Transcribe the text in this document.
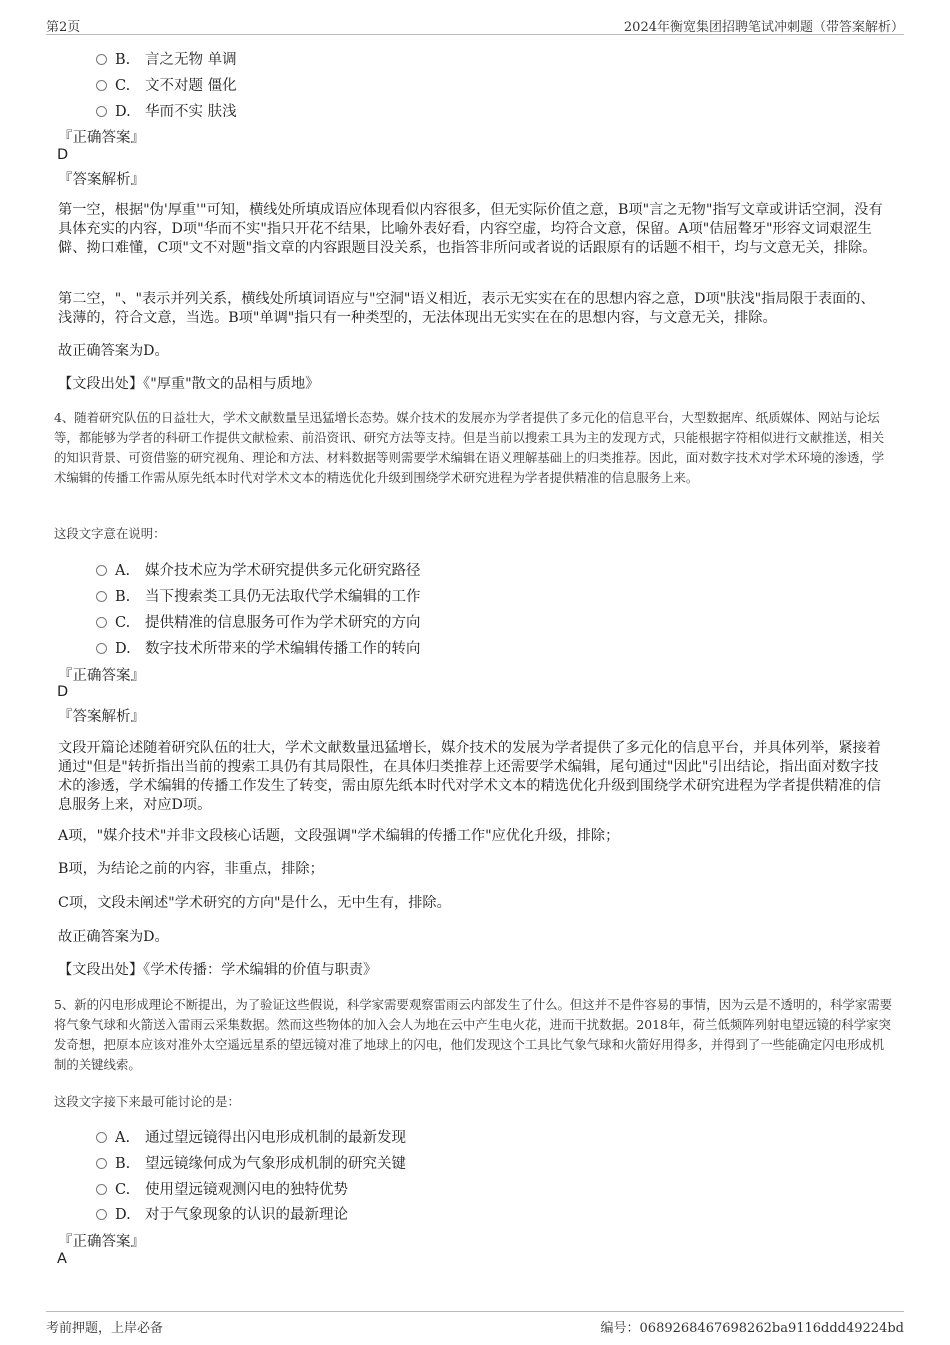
第2页	2024年衡宽集团招聘笔试冲刺题（带答案解析）
B. 言之无物 单调
C. 文不对题 僵化
D. 华而不实 肤浅
『正确答案』
D
『答案解析』
第一空，根据"伪'厚重'"可知，横线处所填成语应体现看似内容很多，但无实际价值之意，B项"言之无物"指写文章或讲话空洞，没有具体充实的内容，D项"华而不实"指只开花不结果，比喻外表好看，内容空虚，均符合文意，保留。A项"佶屈聱牙"形容文词艰涩生僻、拗口难懂，C项"文不对题"指文章的内容跟题目没关系，也指答非所问或者说的话跟原有的话题不相干，均与文意无关，排除。
第二空，"、"表示并列关系，横线处所填词语应与"空洞"语义相近，表示无实实在在的思想内容之意，D项"肤浅"指局限于表面的、浅薄的，符合文意，当选。B项"单调"指只有一种类型的，无法体现出无实实在在的思想内容，与文意无关，排除。
故正确答案为D。
【文段出处】《"厚重"散文的品相与质地》
4、随着研究队伍的日益壮大，学术文献数量呈迅猛增长态势。媒介技术的发展亦为学者提供了多元化的信息平台，大型数据库、纸质媒体、网站与论坛等，都能够为学者的科研工作提供文献检索、前沿资讯、研究方法等支持。但是当前以搜索工具为主的发现方式，只能根据字符相似进行文献推送，相关的知识背景、可资借鉴的研究视角、理论和方法、材料数据等则需要学术编辑在语义理解基础上的归类推荐。因此，面对数字技术对学术环境的渗透，学术编辑的传播工作需从原先纸本时代对学术文本的精选优化升级到围绕学术研究进程为学者提供精准的信息服务上来。
这段文字意在说明：
A. 媒介技术应为学术研究提供多元化研究路径
B. 当下搜索类工具仍无法取代学术编辑的工作
C. 提供精准的信息服务可作为学术研究的方向
D. 数字技术所带来的学术编辑传播工作的转向
『正确答案』
D
『答案解析』
文段开篇论述随着研究队伍的壮大，学术文献数量迅猛增长，媒介技术的发展为学者提供了多元化的信息平台，并具体列举，紧接着通过"但是"转折指出当前的搜索工具仍有其局限性，在具体归类推荐上还需要学术编辑，尾句通过"因此"引出结论，指出面对数字技术的渗透，学术编辑的传播工作发生了转变，需由原先纸本时代对学术文本的精选优化升级到围绕学术研究进程为学者提供精准的信息服务上来，对应D项。
A项，"媒介技术"并非文段核心话题，文段强调"学术编辑的传播工作"应优化升级，排除；
B项，为结论之前的内容，非重点，排除；
C项，文段未阐述"学术研究的方向"是什么，无中生有，排除。
故正确答案为D。
【文段出处】《学术传播：学术编辑的价值与职责》
5、新的闪电形成理论不断提出，为了验证这些假说，科学家需要观察雷雨云内部发生了什么。但这并不是件容易的事情，因为云是不透明的，科学家需要将气象气球和火箭送入雷雨云采集数据。然而这些物体的加入会人为地在云中产生电火花，进而干扰数据。2018年，荷兰低频阵列射电望远镜的科学家突发奇想，把原本应该对准外太空遥远星系的望远镜对准了地球上的闪电，他们发现这个工具比气象气球和火箭好用得多，并得到了一些能确定闪电形成机制的关键线索。
这段文字接下来最可能讨论的是：
A. 通过望远镜得出闪电形成机制的最新发现
B. 望远镜缘何成为气象形成机制的研究关键
C. 使用望远镜观测闪电的独特优势
D. 对于气象现象的认识的最新理论
『正确答案』
A
考前押题，上岸必备	编号：0689268467698262ba9116ddd49224bd
